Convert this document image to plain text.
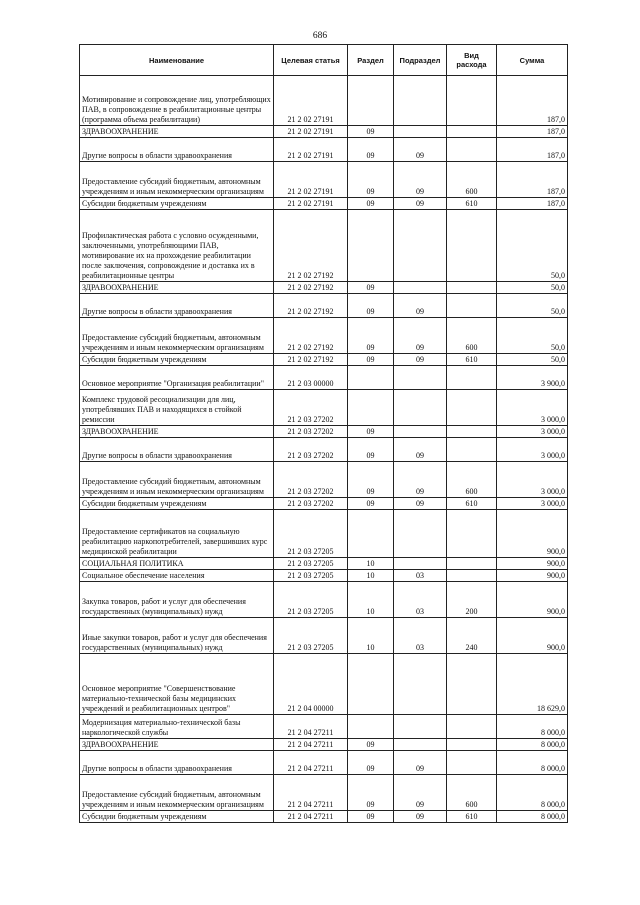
686
Наименование	Целевая статья	Раздел	Подраздел	Вид расхода	Сумма
Мотивирование и сопровождение лиц, употребляющих ПАВ, в сопровождение в реабилитационные центры (программа объема реабилитации)	21 2 02 27191				187,0
ЗДРАВООХРАНЕНИЕ	21 2 02 27191	09			187,0
Другие вопросы в области здравоохранения	21 2 02 27191	09	09		187,0
Предоставление субсидий бюджетным, автономным учреждениям и иным некоммерческим организациям	21 2 02 27191	09	09	600	187,0
Субсидии бюджетным учреждениям	21 2 02 27191	09	09	610	187,0
Профилактическая работа с условно осужденными, заключенными, употребляющими ПАВ, мотивирование их на прохождение реабилитации после заключения, сопровождение и доставка их в реабилитационные центры	21 2 02 27192				50,0
ЗДРАВООХРАНЕНИЕ	21 2 02 27192	09			50,0
Другие вопросы в области здравоохранения	21 2 02 27192	09	09		50,0
Предоставление субсидий бюджетным, автономным учреждениям и иным некоммерческим организациям	21 2 02 27192	09	09	600	50,0
Субсидии бюджетным учреждениям	21 2 02 27192	09	09	610	50,0
Основное мероприятие "Организация реабилитации"	21 2 03 00000				3 900,0
Комплекс трудовой ресоциализации для лиц, употреблявших ПАВ и находящихся в стойкой ремиссии	21 2 03 27202				3 000,0
ЗДРАВООХРАНЕНИЕ	21 2 03 27202	09			3 000,0
Другие вопросы в области здравоохранения	21 2 03 27202	09	09		3 000,0
Предоставление субсидий бюджетным, автономным учреждениям и иным некоммерческим организациям	21 2 03 27202	09	09	600	3 000,0
Субсидии бюджетным учреждениям	21 2 03 27202	09	09	610	3 000,0
Предоставление сертификатов на социальную реабилитацию наркопотребителей, завершивших курс медицинской реабилитации	21 2 03 27205				900,0
СОЦИАЛЬНАЯ ПОЛИТИКА	21 2 03 27205	10			900,0
Социальное обеспечение населения	21 2 03 27205	10	03		900,0
Закупка товаров, работ и услуг для обеспечения государственных (муниципальных) нужд	21 2 03 27205	10	03	200	900,0
Иные закупки товаров, работ и услуг для обеспечения государственных (муниципальных) нужд	21 2 03 27205	10	03	240	900,0
Основное мероприятие "Совершенствование материально-технической базы медицинских учреждений и реабилитационных центров"	21 2 04 00000				18 629,0
Модернизация материально-технической базы наркологической службы	21 2 04 27211				8 000,0
ЗДРАВООХРАНЕНИЕ	21 2 04 27211	09			8 000,0
Другие вопросы в области здравоохранения	21 2 04 27211	09	09		8 000,0
Предоставление субсидий бюджетным, автономным учреждениям и иным некоммерческим организациям	21 2 04 27211	09	09	600	8 000,0
Субсидии бюджетным учреждениям	21 2 04 27211	09	09	610	8 000,0
